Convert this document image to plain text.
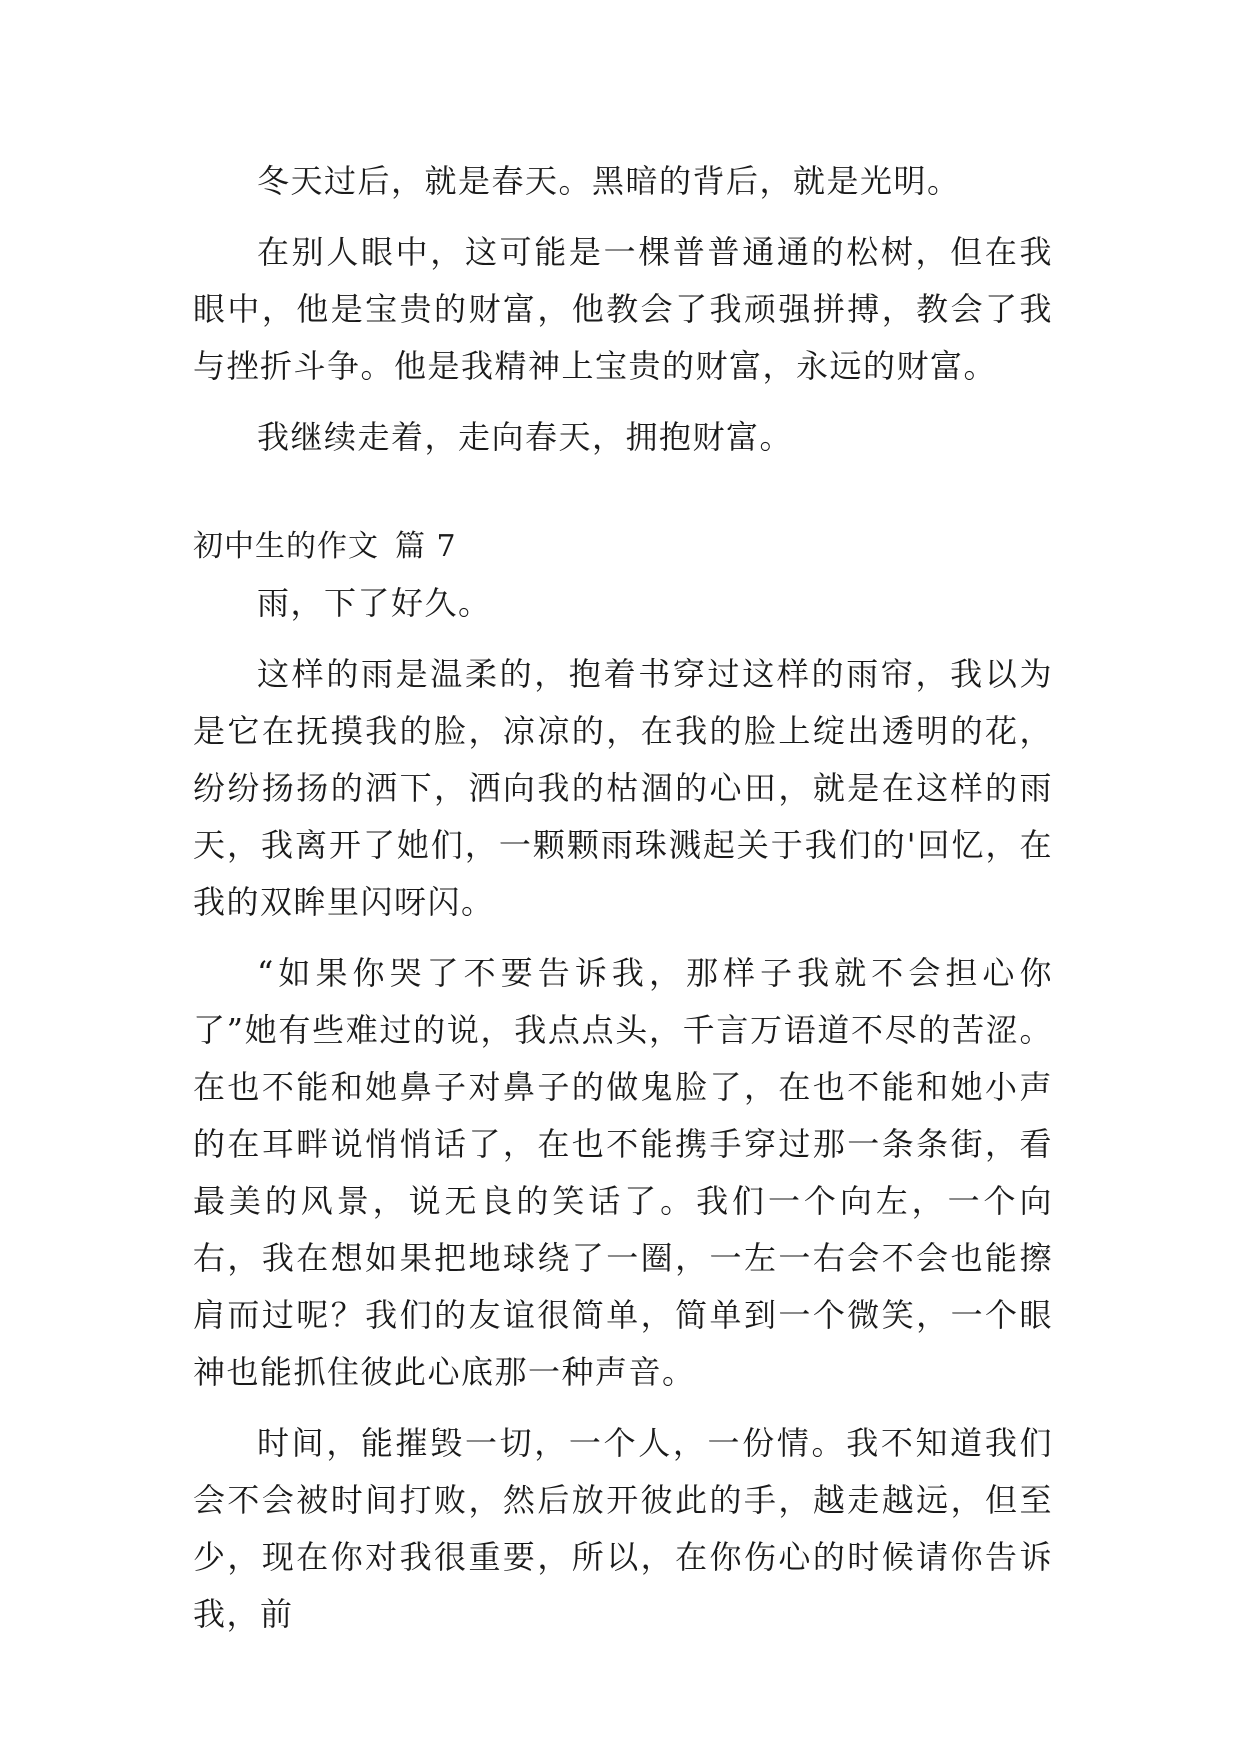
冬天过后，就是春天。黑暗的背后，就是光明。

在别人眼中，这可能是一棵普普通通的松树，但在我眼中，他是宝贵的财富，他教会了我顽强拼搏，教会了我与挫折斗争。他是我精神上宝贵的财富，永远的财富。

我继续走着，走向春天，拥抱财富。

初中生的作文 篇 7

雨，下了好久。

这样的雨是温柔的，抱着书穿过这样的雨帘，我以为是它在抚摸我的脸，凉凉的，在我的脸上绽出透明的花，纷纷扬扬的洒下，洒向我的枯涸的心田，就是在这样的雨天，我离开了她们，一颗颗雨珠溅起关于我们的'回忆，在我的双眸里闪呀闪。

“如果你哭了不要告诉我，那样子我就不会担心你了”她有些难过的说，我点点头，千言万语道不尽的苦涩。在也不能和她鼻子对鼻子的做鬼脸了，在也不能和她小声的在耳畔说悄悄话了，在也不能携手穿过那一条条街，看最美的风景，说无良的笑话了。我们一个向左，一个向右，我在想如果把地球绕了一圈，一左一右会不会也能擦肩而过呢？我们的友谊很简单，简单到一个微笑，一个眼神也能抓住彼此心底那一种声音。

时间，能摧毁一切，一个人，一份情。我不知道我们会不会被时间打败，然后放开彼此的手，越走越远，但至少，现在你对我很重要，所以，在你伤心的时候请你告诉我，前
